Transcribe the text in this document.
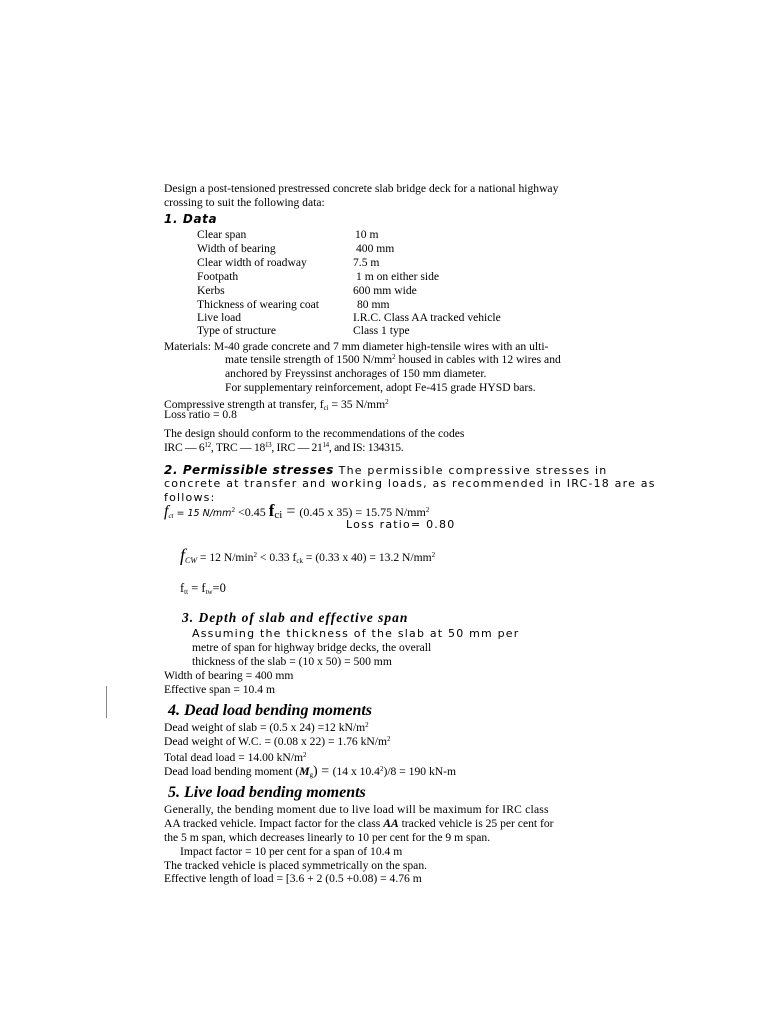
Design a post-tensioned prestressed concrete slab bridge deck for a national highway
crossing to suit the following data:
1. Data
Clear span	10 m
Width of bearing	400 mm
Clear width of roadway	7.5 m
Footpath	1 m on either side
Kerbs	600 mm wide
Thickness of wearing coat	80 mm
Live load	I.R.C. Class AA tracked vehicle
Type of structure	Class 1 type
Materials: M-40 grade concrete and 7 mm diameter high-tensile wires with an ulti-
mate tensile strength of 1500 $N/mm^2$ housed in cables with 12 wires and
anchored by Freyssinst anchorages of 150 mm diameter.
For supplementary reinforcement, adopt Fe-415 grade HYSD bars.
Compressive strength at transfer, $f_{ci} = 35$ $N/mm^2$
Loss ratio = 0.8
The design should conform to the recommendations of the codes
IRC — $6^{12}$, TRC — $18^{13}$, IRC — $21^{14}$, and IS: 134315.
2. Permissible stresses The permissible compressive stresses in
concrete at transfer and working loads, as recommended in IRC-18 are as
follows:
$f_{ct} = 15$ $N/mm^2 <0.45$ $f_{ci} = (0.45$ x 35) = 15.75 $N/mm^2$
Loss ratio= 0.80
$f_{CW} = 12$ $N/\min^2 < 0.33$ $f_{ck} = (0.33$ x 40) = 13.2 $N/mm^2$
$f_{tt} = f_{tw}=0$
3. Depth of slab and effective span
Assuming the thickness of the slab at 50 mm per
metre of span for highway bridge decks, the overall
thickness of the slab = (10 x 50) = 500 mm
Width of bearing = 400 mm
Effective span = 10.4 m
4. Dead load bending moments
Dead weight of slab = (0.5 x 24) =12 $kN/m^2$
Dead weight of W.C. = (0.08 x 22) = 1.76 $kN/m^2$
Total dead load = 14.00 $kN/m^2$
Dead load bending moment $(M_g) = (14$ x $10.4^2)/8 = 190$ kN-m
5. Live load bending moments
Generally, the bending moment due to live load will be maximum for IRC class
AA tracked vehicle. Impact factor for the class AA tracked vehicle is 25 per cent for
the 5 m span, which decreases linearly to 10 per cent for the 9 m span.
Impact factor = 10 per cent for a span of 10.4 m
The tracked vehicle is placed symmetrically on the span.
Effective length of load = [3.6 + 2 (0.5 +0.08) = 4.76 m
